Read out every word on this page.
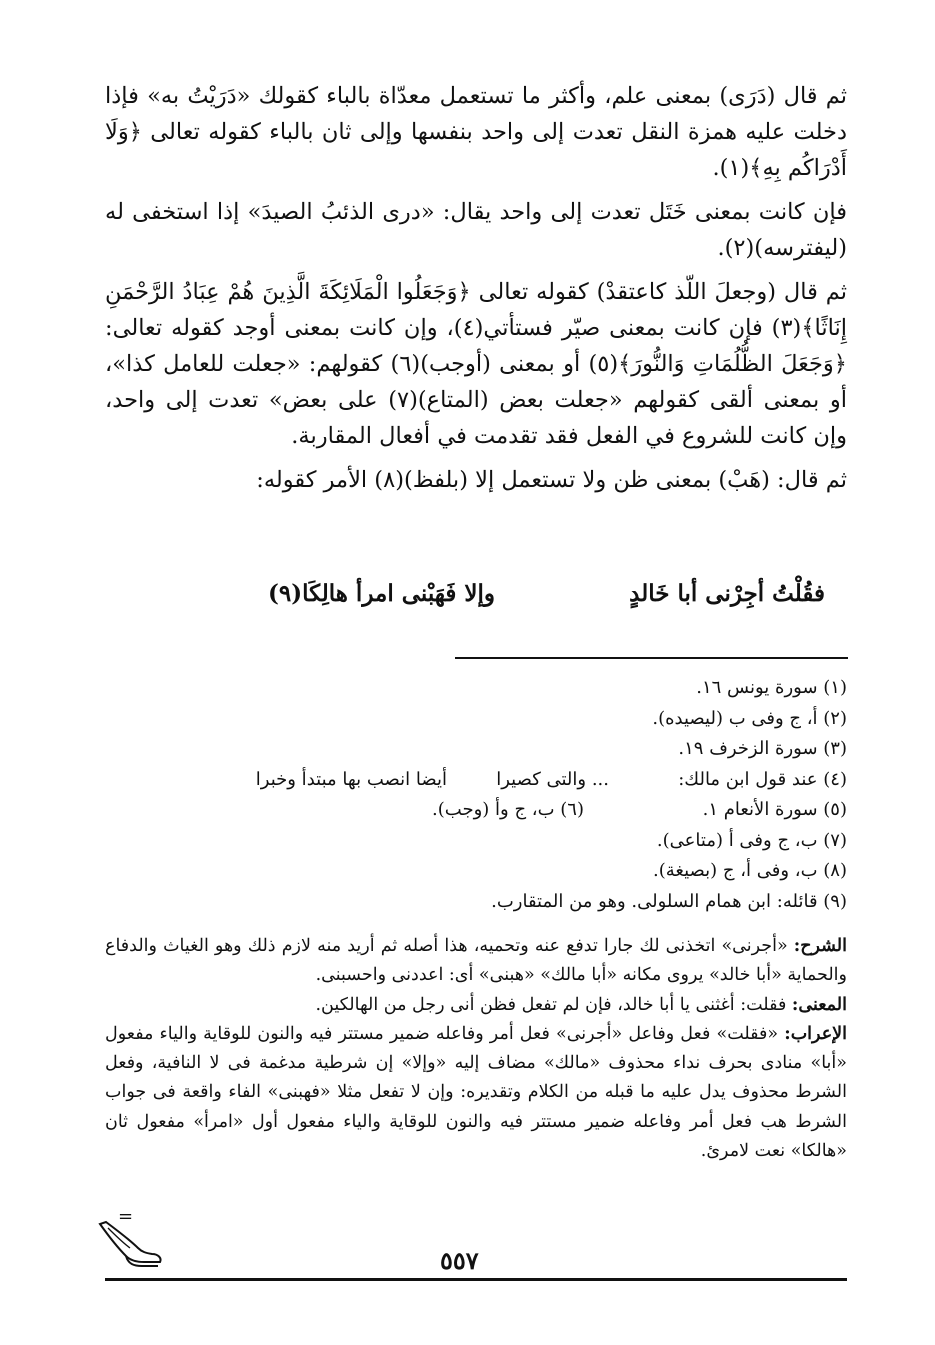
ثم قال (دَرَى) بمعنى علم، وأكثر ما تستعمل معدّاة بالباء كقولك «دَرَيْتُ به» فإذا دخلت عليه همزة النقل تعدت إلى واحد بنفسها وإلى ثان بالباء كقوله تعالى ﴿وَلَا أَدْرَاكُم بِهِ﴾(١).

فإن كانت بمعنى خَتَل تعدت إلى واحد يقال: «درى الذئبُ الصيدَ» إذا استخفى له (ليفترسه)(٢).

ثم قال (وجعلَ اللّذ كاعتقدْ) كقوله تعالى ﴿وَجَعَلُوا الْمَلَائِكَةَ الَّذِينَ هُمْ عِبَادُ الرَّحْمَنِ إِنَاثًا﴾(٣) فإن كانت بمعنى صيّر فستأتي(٤)، وإن كانت بمعنى أوجد كقوله تعالى: ﴿وَجَعَلَ الظُّلُمَاتِ وَالنُّورَ﴾(٥) أو بمعنى (أوجب)(٦) كقولهم: «جعلت للعامل كذا»، أو بمعنى ألقى كقولهم «جعلت بعض (المتاع)(٧) على بعض» تعدت إلى واحد، وإن كانت للشروع في الفعل فقد تقدمت في أفعال المقاربة.

ثم قال: (هَبْ) بمعنى ظن ولا تستعمل إلا (بلفظ)(٨) الأمر كقوله:

فقُلْتُ أجِرْنى أبا خَالدٍ
وإلا فَهَبْنى امرأ هالِكَا(٩)
(١) سورة يونس ١٦.
(٢) أ، ج وفى ب (ليصيده).
(٣) سورة الزخرف ١٩.
(٤) عند قول ابن مالك:
... والتى كصيرا
أيضا انصب بها مبتدأ وخبرا
(٥) سورة الأنعام ١.
(٦) ب، ج وأ (وجب).
(٧) ب، ج وفى أ (متاعى).
(٨) ب، وفى أ، ج (بصيغة).
(٩) قائله: ابن همام السلولى. وهو من المتقارب.

الشرح: «أجرنى» اتخذنى لك جارا تدفع عنه وتحميه، هذا أصله ثم أريد منه لازم ذلك وهو الغياث والدفاع والحماية «أبا خالد» يروى مكانه «أبا مالك» «هبنى» أى: اعددنى واحسبنى.

المعنى: فقلت: أغثنى يا أبا خالد، فإن لم تفعل فظن أنى رجل من الهالكين.

الإعراب: «فقلت» فعل وفاعل «أجرنى» فعل أمر وفاعله ضمير مستتر فيه والنون للوقاية والياء مفعول «أبا» منادى بحرف نداء محذوف «مالك» مضاف إليه «وإلا» إن شرطية مدغمة فى لا النافية، وفعل الشرط محذوف يدل عليه ما قبله من الكلام وتقديره: وإن لا تفعل مثلا «فهبنى» الفاء واقعة فى جواب الشرط هب فعل أمر وفاعله ضمير مستتر فيه والنون للوقاية والياء مفعول أول «امرأ» مفعول ثان «هالكا» نعت لامرئ.

=
٥٥٧
